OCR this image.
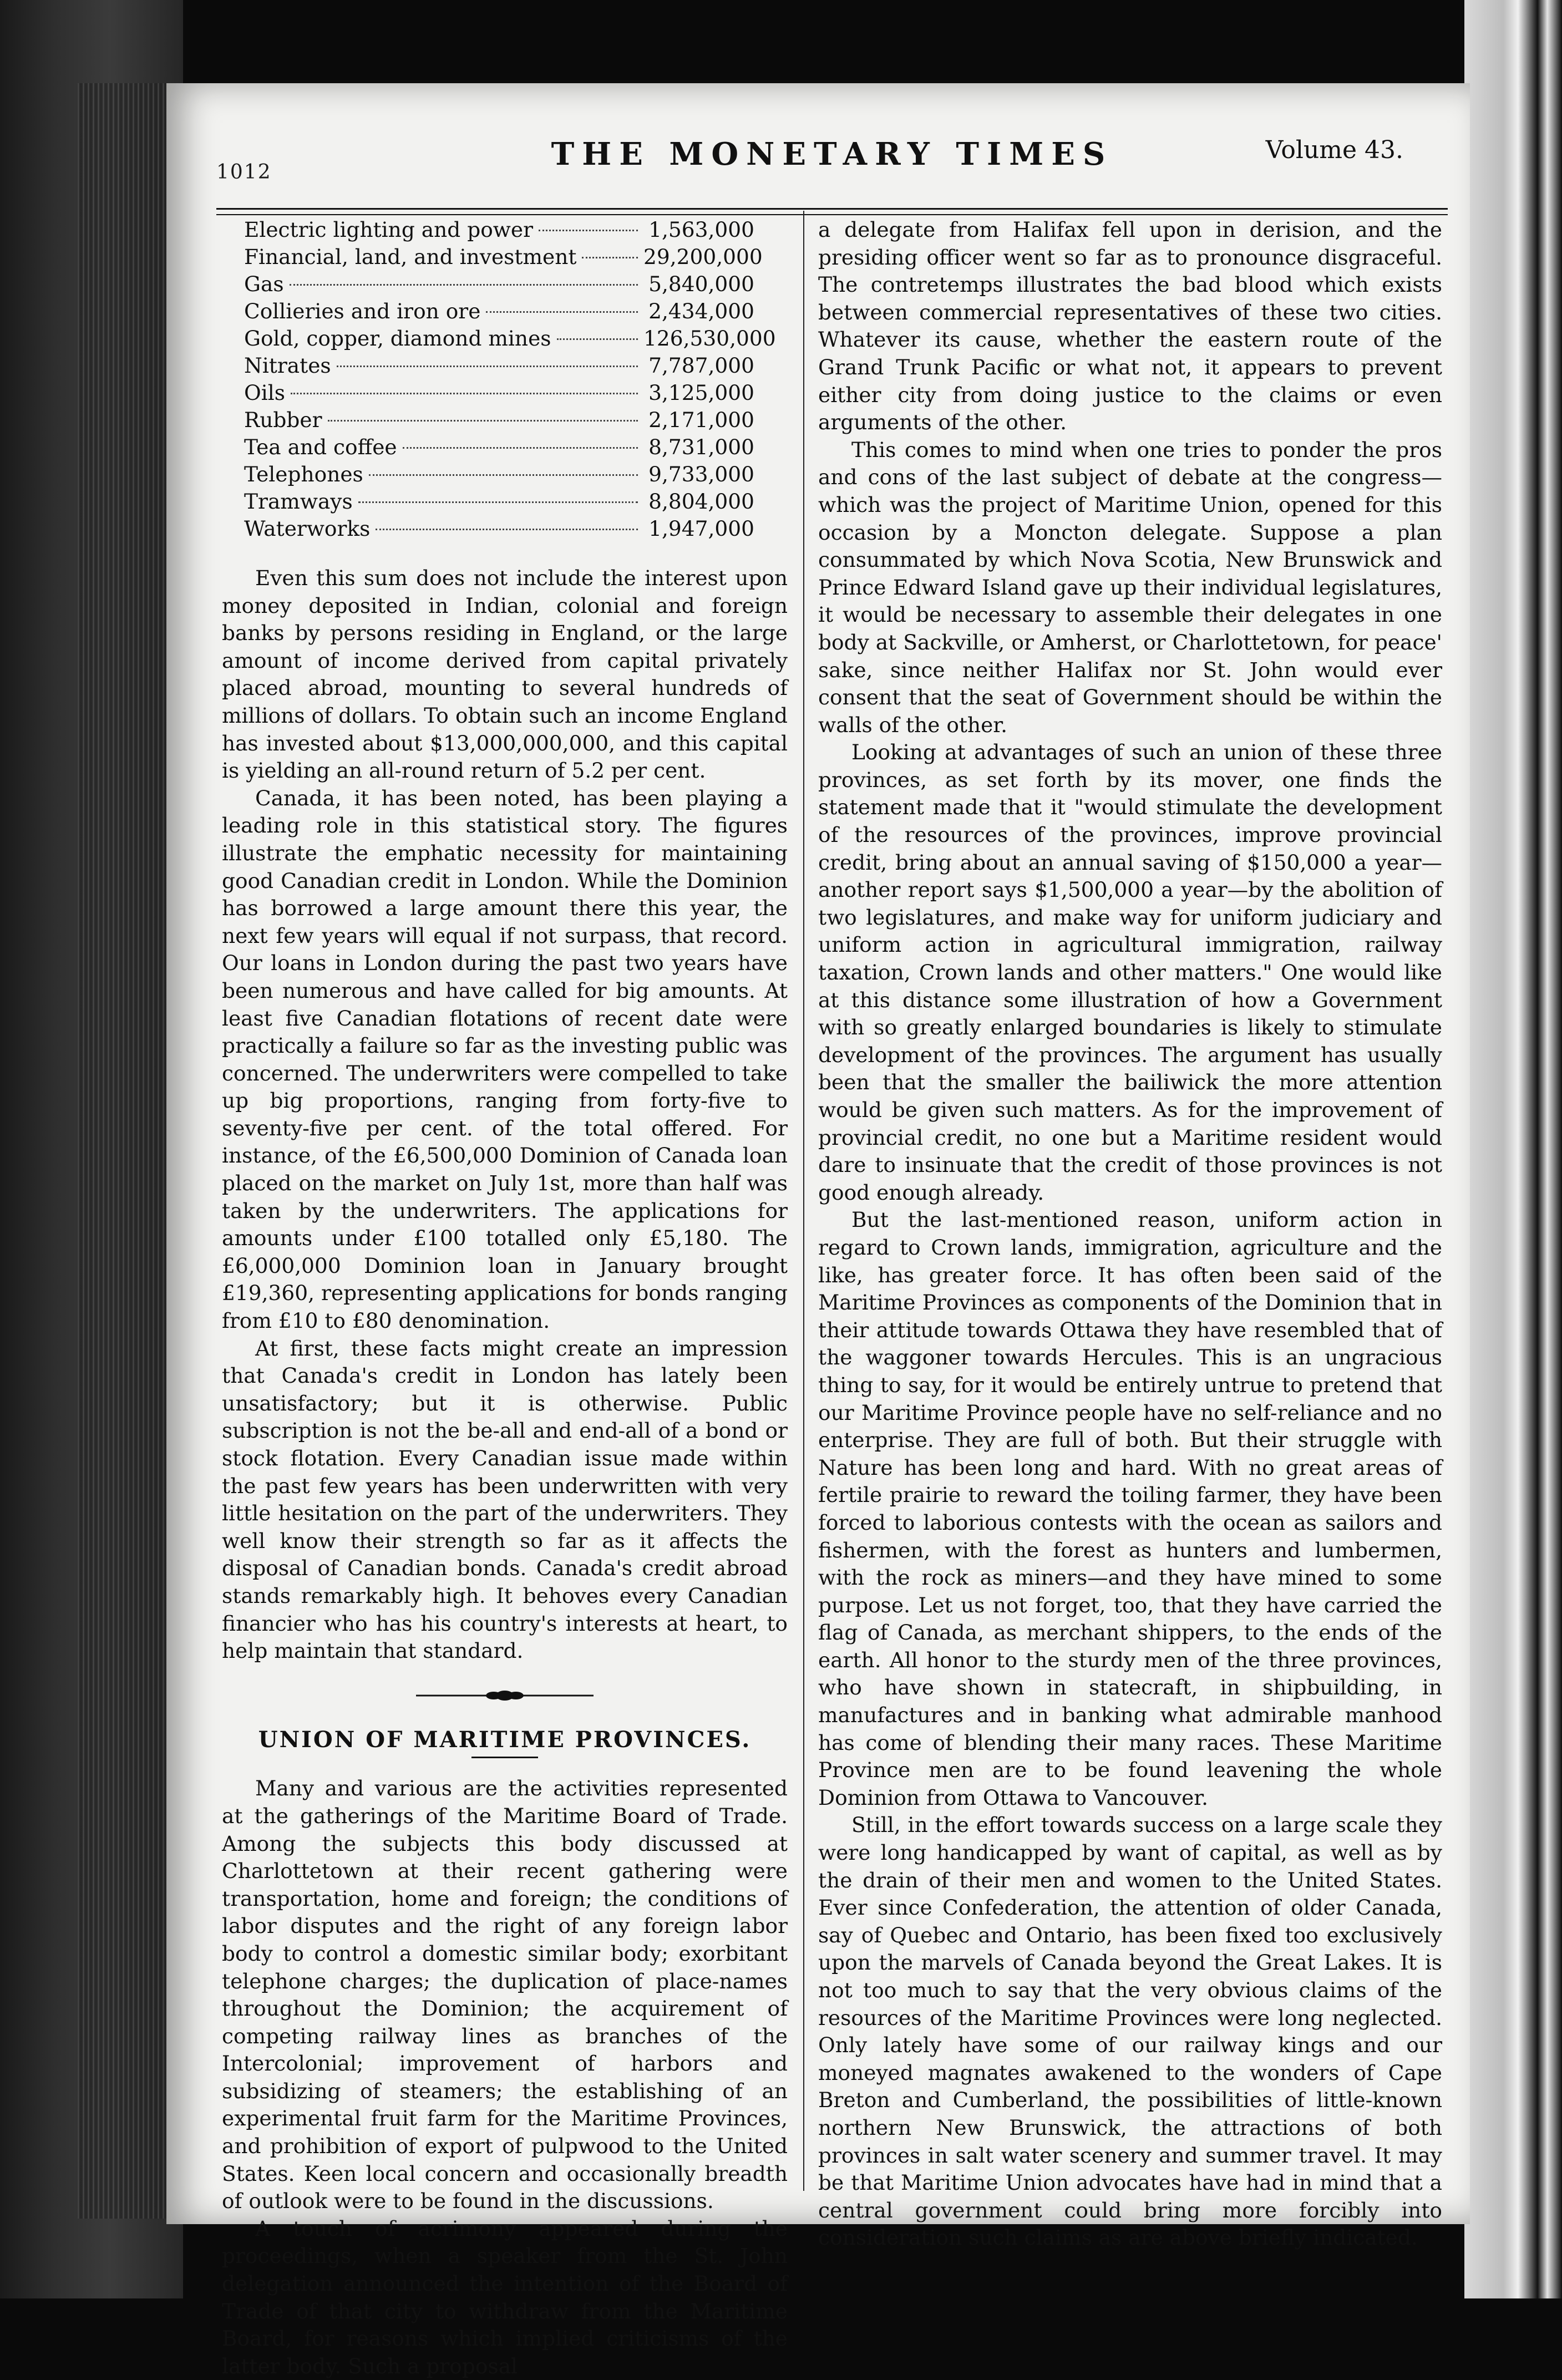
1012	THE MONETARY TIMES	Volume 43.
Electric lighting and power	1,563,000
Financial, land, and investment	29,200,000
Gas	5,840,000
Collieries and iron ore	2,434,000
Gold, copper, diamond mines	126,530,000
Nitrates	7,787,000
Oils	3,125,000
Rubber	2,171,000
Tea and coffee	8,731,000
Telephones	9,733,000
Tramways	8,804,000
Waterworks	1,947,000

Even this sum does not include the interest upon money deposited in Indian, colonial and foreign banks by persons residing in England, or the large amount of income derived from capital privately placed abroad, mounting to several hundreds of millions of dollars. To obtain such an income England has invested about $13,000,000,000, and this capital is yielding an all-round return of 5.2 per cent.

Canada, it has been noted, has been playing a leading role in this statistical story. The figures illustrate the emphatic necessity for maintaining good Canadian credit in London. While the Dominion has borrowed a large amount there this year, the next few years will equal if not surpass, that record. Our loans in London during the past two years have been numerous and have called for big amounts. At least five Canadian flotations of recent date were practically a failure so far as the investing public was concerned. The underwriters were compelled to take up big proportions, ranging from forty-five to seventy-five per cent. of the total offered. For instance, of the £6,500,000 Dominion of Canada loan placed on the market on July 1st, more than half was taken by the underwriters. The applications for amounts under £100 totalled only £5,180. The £6,000,000 Dominion loan in January brought £19,360, representing applications for bonds ranging from £10 to £80 denomination.

At first, these facts might create an impression that Canada's credit in London has lately been unsatisfactory; but it is otherwise. Public subscription is not the be-all and end-all of a bond or stock flotation. Every Canadian issue made within the past few years has been underwritten with very little hesitation on the part of the underwriters. They well know their strength so far as it affects the disposal of Canadian bonds. Canada's credit abroad stands remarkably high. It behoves every Canadian financier who has his country's interests at heart, to help maintain that standard.

UNION OF MARITIME PROVINCES.

Many and various are the activities represented at the gatherings of the Maritime Board of Trade. Among the subjects this body discussed at Charlottetown at their recent gathering were transportation, home and foreign; the conditions of labor disputes and the right of any foreign labor body to control a domestic similar body; exorbitant telephone charges; the duplication of place-names throughout the Dominion; the acquirement of competing railway lines as branches of the Intercolonial; improvement of harbors and subsidizing of steamers; the establishing of an experimental fruit farm for the Maritime Provinces, and prohibition of export of pulpwood to the United States. Keen local concern and occasionally breadth of outlook were to be found in the discussions.

A touch of acrimony appeared during the proceedings, when a speaker from the St. John delegation announced the intention of the Board of Trade of that city to withdraw from the Maritime Board, for reasons which implied criticisms of the latter body. Such a proposal

a delegate from Halifax fell upon in derision, and the presiding officer went so far as to pronounce disgraceful. The contretemps illustrates the bad blood which exists between commercial representatives of these two cities. Whatever its cause, whether the eastern route of the Grand Trunk Pacific or what not, it appears to prevent either city from doing justice to the claims or even arguments of the other.

This comes to mind when one tries to ponder the pros and cons of the last subject of debate at the congress—which was the project of Maritime Union, opened for this occasion by a Moncton delegate. Suppose a plan consummated by which Nova Scotia, New Brunswick and Prince Edward Island gave up their individual legislatures, it would be necessary to assemble their delegates in one body at Sackville, or Amherst, or Charlottetown, for peace' sake, since neither Halifax nor St. John would ever consent that the seat of Government should be within the walls of the other.

Looking at advantages of such an union of these three provinces, as set forth by its mover, one finds the statement made that it "would stimulate the development of the resources of the provinces, improve provincial credit, bring about an annual saving of $150,000 a year—another report says $1,500,000 a year—by the abolition of two legislatures, and make way for uniform judiciary and uniform action in agricultural immigration, railway taxation, Crown lands and other matters." One would like at this distance some illustration of how a Government with so greatly enlarged boundaries is likely to stimulate development of the provinces. The argument has usually been that the smaller the bailiwick the more attention would be given such matters. As for the improvement of provincial credit, no one but a Maritime resident would dare to insinuate that the credit of those provinces is not good enough already.

But the last-mentioned reason, uniform action in regard to Crown lands, immigration, agriculture and the like, has greater force. It has often been said of the Maritime Provinces as components of the Dominion that in their attitude towards Ottawa they have resembled that of the waggoner towards Hercules. This is an ungracious thing to say, for it would be entirely untrue to pretend that our Maritime Province people have no self-reliance and no enterprise. They are full of both. But their struggle with Nature has been long and hard. With no great areas of fertile prairie to reward the toiling farmer, they have been forced to laborious contests with the ocean as sailors and fishermen, with the forest as hunters and lumbermen, with the rock as miners—and they have mined to some purpose. Let us not forget, too, that they have carried the flag of Canada, as merchant shippers, to the ends of the earth. All honor to the sturdy men of the three provinces, who have shown in statecraft, in shipbuilding, in manufactures and in banking what admirable manhood has come of blending their many races. These Maritime Province men are to be found leavening the whole Dominion from Ottawa to Vancouver.

Still, in the effort towards success on a large scale they were long handicapped by want of capital, as well as by the drain of their men and women to the United States. Ever since Confederation, the attention of older Canada, say of Quebec and Ontario, has been fixed too exclusively upon the marvels of Canada beyond the Great Lakes. It is not too much to say that the very obvious claims of the resources of the Maritime Provinces were long neglected. Only lately have some of our railway kings and our moneyed magnates awakened to the wonders of Cape Breton and Cumberland, the possibilities of little-known northern New Brunswick, the attractions of both provinces in salt water scenery and summer travel. It may be that Maritime Union advocates have had in mind that a central government could bring more forcibly into consideration such claims as are above briefly indicated.
